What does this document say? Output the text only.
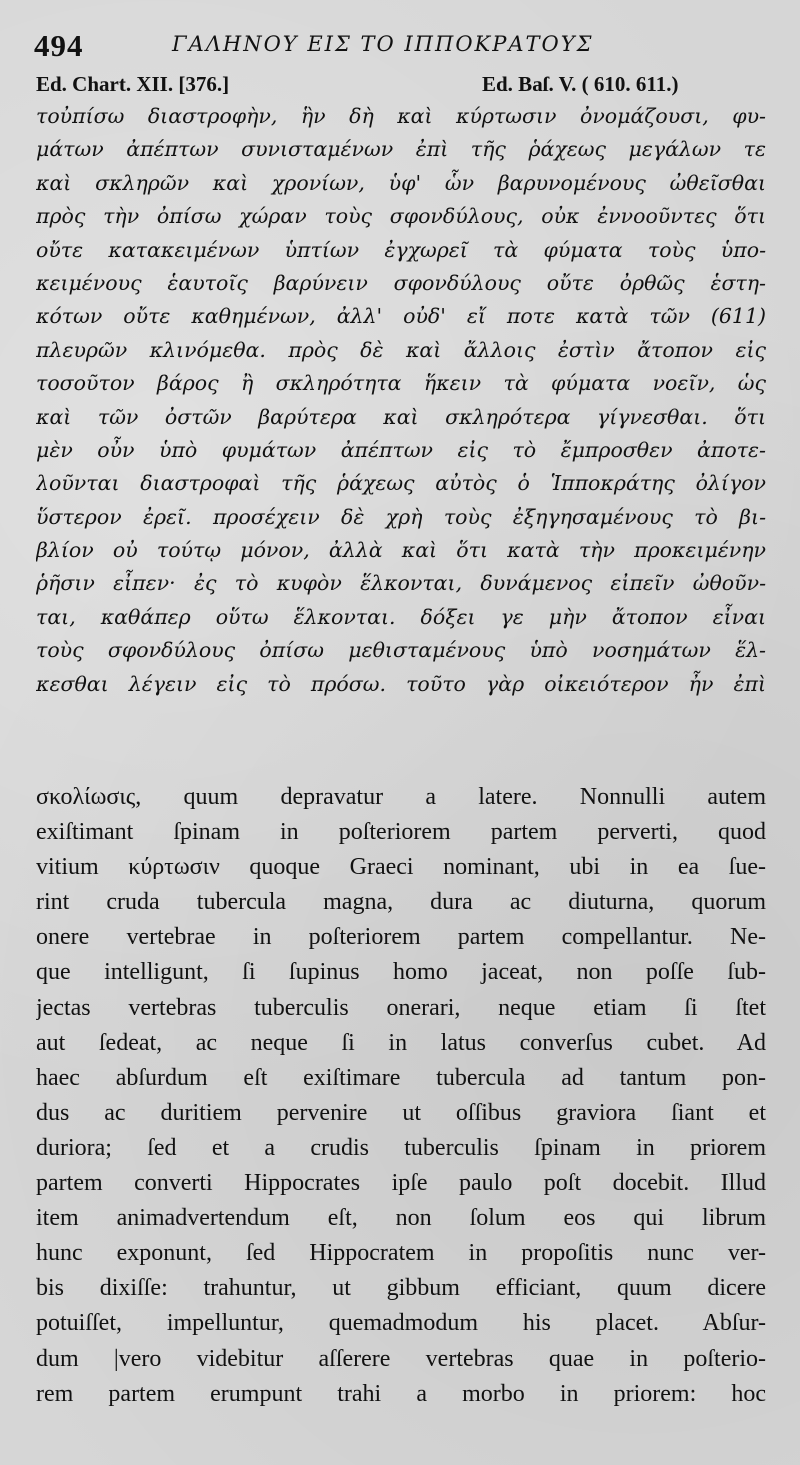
494	ΓΑΛΗΝΟΥ ΕΙΣ ΤΟ ΙΠΠΟΚΡΑΤΟΥΣ
Ed. Chart. XII. [376.]	Ed. Baſ. V. ( 610. 611.)
τοὐπίσω διαστροφὴν, ἣν δὴ καὶ κύρτωσιν ὀνομάζουσι, φυ-
μάτων ἀπέπτων συνισταμένων ἐπὶ τῆς ῥάχεως μεγάλων τε
καὶ σκληρῶν καὶ χρονίων, ὑφ' ὧν βαρυνομένους ὠθεῖσθαι
πρὸς τὴν ὀπίσω χώραν τοὺς σφονδύλους, οὐκ ἐννοοῦντες ὅτι
οὔτε κατακειμένων ὑπτίων ἐγχωρεῖ τὰ φύματα τοὺς ὑπο-
κειμένους ἑαυτοῖς βαρύνειν σφονδύλους οὔτε ὀρθῶς ἑστη-
κότων οὔτε καθημένων, ἀλλ' οὐδ' εἴ ποτε κατὰ τῶν (611)
πλευρῶν κλινόμεθα. πρὸς δὲ καὶ ἄλλοις ἐστὶν ἄτοπον εἰς
τοσοῦτον βάρος ἢ σκληρότητα ἥκειν τὰ φύματα νοεῖν, ὡς
καὶ τῶν ὀστῶν βαρύτερα καὶ σκληρότερα γίγνεσθαι. ὅτι
μὲν οὖν ὑπὸ φυμάτων ἀπέπτων εἰς τὸ ἔμπροσθεν ἀποτε-
λοῦνται διαστροφαὶ τῆς ῥάχεως αὐτὸς ὁ Ἱπποκράτης ὀλίγον
ὕστερον ἐρεῖ. προσέχειν δὲ χρὴ τοὺς ἐξηγησαμένους τὸ βι-
βλίον οὐ τούτῳ μόνον, ἀλλὰ καὶ ὅτι κατὰ τὴν προκειμένην
ῥῆσιν εἶπεν· ἐς τὸ κυφὸν ἕλκονται, δυνάμενος εἰπεῖν ὠθοῦν-
ται, καθάπερ οὕτω ἕλκονται. δόξει γε μὴν ἄτοπον εἶναι
τοὺς σφονδύλους ὀπίσω μεθισταμένους ὑπὸ νοσημάτων ἕλ-
κεσθαι λέγειν εἰς τὸ πρόσω. τοῦτο γὰρ οἰκειότερον ἦν ἐπὶ
σκολίωσις, quum depravatur a latere. Nonnulli autem
exiſtimant ſpinam in poſteriorem partem perverti, quod
vitium κύρτωσιν quoque Graeci nominant, ubi in ea ſue-
rint cruda tubercula magna, dura ac diuturna, quorum
onere vertebrae in poſteriorem partem compellantur. Ne-
que intelligunt, ſi ſupinus homo jaceat, non poſſe ſub-
jectas vertebras tuberculis onerari, neque etiam ſi ſtet
aut ſedeat, ac neque ſi in latus converſus cubet. Ad
haec abſurdum eſt exiſtimare tubercula ad tantum pon-
dus ac duritiem pervenire ut oſſibus graviora ſiant et
duriora; ſed et a crudis tuberculis ſpinam in priorem
partem converti Hippocrates ipſe paulo poſt docebit. Illud
item animadvertendum eſt, non ſolum eos qui librum
hunc exponunt, ſed Hippocratem in propoſitis nunc ver-
bis dixiſſe: trahuntur, ut gibbum efficiant, quum dicere
potuiſſet, impelluntur, quemadmodum his placet. Abſur-
dum |vero videbitur aſſerere vertebras quae in poſterio-
rem partem erumpunt trahi a morbo in priorem: hoc
